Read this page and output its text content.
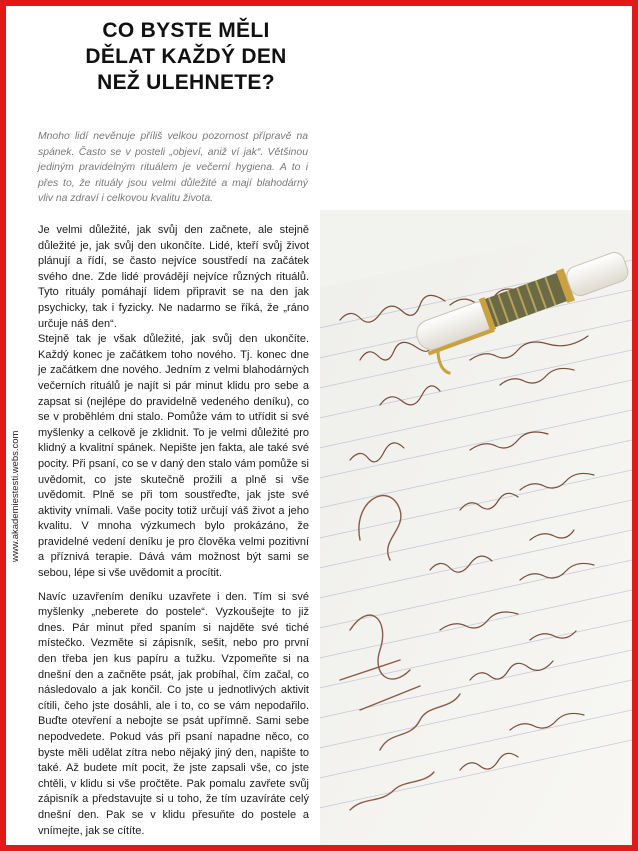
www.akademiestesti.webs.com
CO BYSTE MĚLI
DĚLAT KAŽDÝ DEN
NEŽ ULEHNETE?
Mnoho lidí nevěnuje příliš velkou pozornost přípravě na spánek. Často se v posteli „objeví, aniž ví jak“. Většinou jediným pravidelným rituálem je večerní hygiena. A to i přes to, že rituály jsou velmi důležité a mají blahodárný vliv na zdraví i celkovou kvalitu života.

Je velmi důležité, jak svůj den začnete, ale stejně důležité je, jak svůj den ukončíte. Lidé, kteří svůj život plánují a řídí, se často nejvíce soustředí na začátek svého dne. Zde lidé provádějí nejvíce různých rituálů. Tyto rituály pomáhají lidem připravit se na den jak psychicky, tak i fyzicky. Ne nadarmo se říká, že „ráno určuje náš den“.

Stejně tak je však důležité, jak svůj den ukončíte. Každý konec je začátkem toho nového. Tj. konec dne je začátkem dne nového. Jedním z velmi blahodárných večerních rituálů je najít si pár minut klidu pro sebe a zapsat si (nejlépe do pravidelně vedeného deníku), co se v proběhlém dni stalo. Pomůže vám to utřídit si své myšlenky a celkově je zklidnit. To je velmi důležité pro klidný a kvalitní spánek. Nepište jen fakta, ale také své pocity. Při psaní, co se v daný den stalo vám pomůže si uvědomit, co jste skutečně prožili a plně si vše uvědomit. Plně se při tom soustřeďte, jak jste své aktivity vnímali. Vaše pocity totiž určují váš život a jeho kvalitu. V mnoha výzkumech bylo prokázáno, že pravidelné vedení deníku je pro člověka velmi pozitivní a příznivá terapie. Dává vám možnost být sami se sebou, lépe si vše uvědomit a procítit.

Navíc uzavřením deníku uzavřete i den. Tím si své myšlenky „neberete do postele“. Vyzkoušejte to již dnes. Pár minut před spaním si najděte své tiché místečko. Vezměte si zápisník, sešit, nebo pro první den třeba jen kus papíru a tužku. Vzpomeňte si na dnešní den a začněte psát, jak probíhal, čím začal, co následovalo a jak končil. Co jste u jednotlivých aktivit cítili, čeho jste dosáhli, ale i to, co se vám nepodařilo. Buďte otevření a nebojte se psát upřímně. Sami sebe nepodvedete. Pokud vás při psaní napadne něco, co byste měli udělat zítra nebo nějaký jiný den, napište to také. Až budete mít pocit, že jste zapsali vše, co jste chtěli, v klidu si vše pročtěte. Pak pomalu zavřete svůj zápisník a představujte si u toho, že tím uzavíráte celý dnešní den. Pak se v klidu přesuňte do postele a vnímejte, jak se cítíte.
